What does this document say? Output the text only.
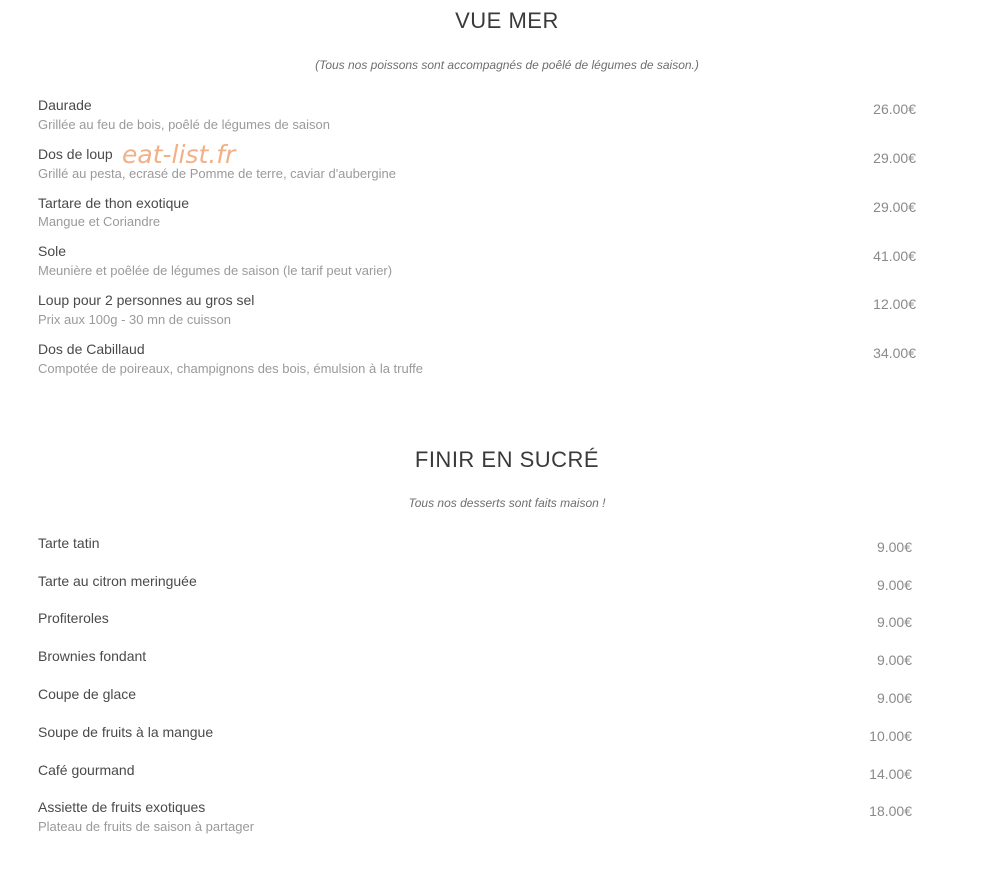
VUE MER
(Tous nos poissons sont accompagnés de poêlé de légumes de saison.)
Daurade
Grillée au feu de bois, poêlé de légumes de saison
26.00€
Dos de loup
Grillé au pesta, ecrasé de Pomme de terre, caviar d'aubergine
29.00€
Tartare de thon exotique
Mangue et Coriandre
29.00€
Sole
Meunière et poêlée de légumes de saison (le tarif peut varier)
41.00€
Loup pour 2 personnes au gros sel
Prix aux 100g - 30 mn de cuisson
12.00€
Dos de Cabillaud
Compotée de poireaux, champignons des bois, émulsion à la truffe
34.00€
eat-list.fr
FINIR EN SUCRÉ
Tous nos desserts sont faits maison !
Tarte tatin	9.00€
Tarte au citron meringuée	9.00€
Profiteroles	9.00€
Brownies fondant	9.00€
Coupe de glace	9.00€
Soupe de fruits à la mangue	10.00€
Café gourmand	14.00€
Assiette de fruits exotiques
Plateau de fruits de saison à partager
18.00€
